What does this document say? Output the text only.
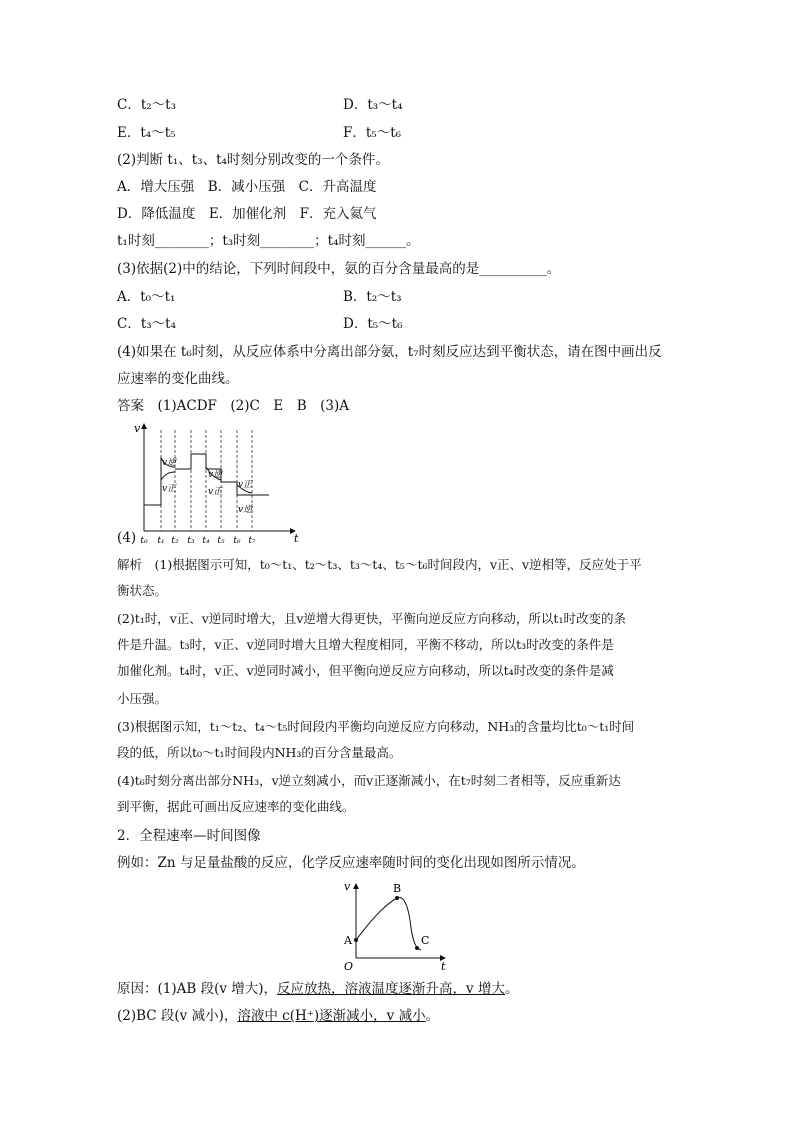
C．t₂～t₃	D．t₃～t₄
E．t₄～t₅	F．t₅～t₆
(2)判断 t₁、t₃、t₄时刻分别改变的一个条件。
A．增大压强　B．减小压强　C．升高温度
D．降低温度　E．加催化剂　F．充入氦气
t₁时刻________；t₃时刻________；t₄时刻______。
(3)依据(2)中的结论，下列时间段中，氨的百分含量最高的是__________。
A．t₀～t₁	B．t₂～t₃
C．t₃～t₄	D．t₅～t₆
(4)如果在 t₆时刻，从反应体系中分离出部分氨，t₇时刻反应达到平衡状态，请在图中画出反
应速率的变化曲线。
答案　(1)ACDF　(2)C　E　B　(3)A
v
t
v逆
v正
v逆
v正
v正
v逆
t₀ t₁ t₂ t₃ t₄ t₅ t₆ t₇
(4)
解析　(1)根据图示可知，t₀～t₁、t₂～t₃、t₃～t₄、t₅～t₆时间段内，v正、v逆相等，反应处于平
衡状态。
(2)t₁时，v正、v逆同时增大，且v逆增大得更快，平衡向逆反应方向移动，所以t₁时改变的条
件是升温。t₃时，v正、v逆同时增大且增大程度相同，平衡不移动，所以t₃时改变的条件是
加催化剂。t₄时，v正、v逆同时减小，但平衡向逆反应方向移动，所以t₄时改变的条件是减
小压强。
(3)根据图示知，t₁～t₂、t₄～t₅时间段内平衡均向逆反应方向移动，NH₃的含量均比t₀～t₁时间
段的低，所以t₀～t₁时间段内NH₃的百分含量最高。
(4)t₆时刻分离出部分NH₃，v逆立刻减小，而v正逐渐减小，在t₇时刻二者相等，反应重新达
到平衡，据此可画出反应速率的变化曲线。
2．全程速率—时间图像
例如：Zn 与足量盐酸的反应，化学反应速率随时间的变化出现如图所示情况。
v
t
O
A
B
C
原因：(1)AB 段(v 增大)，反应放热，溶液温度逐渐升高，v 增大。
(2)BC 段(v 减小)，溶液中 c(H⁺)逐渐减小，v 减小。
